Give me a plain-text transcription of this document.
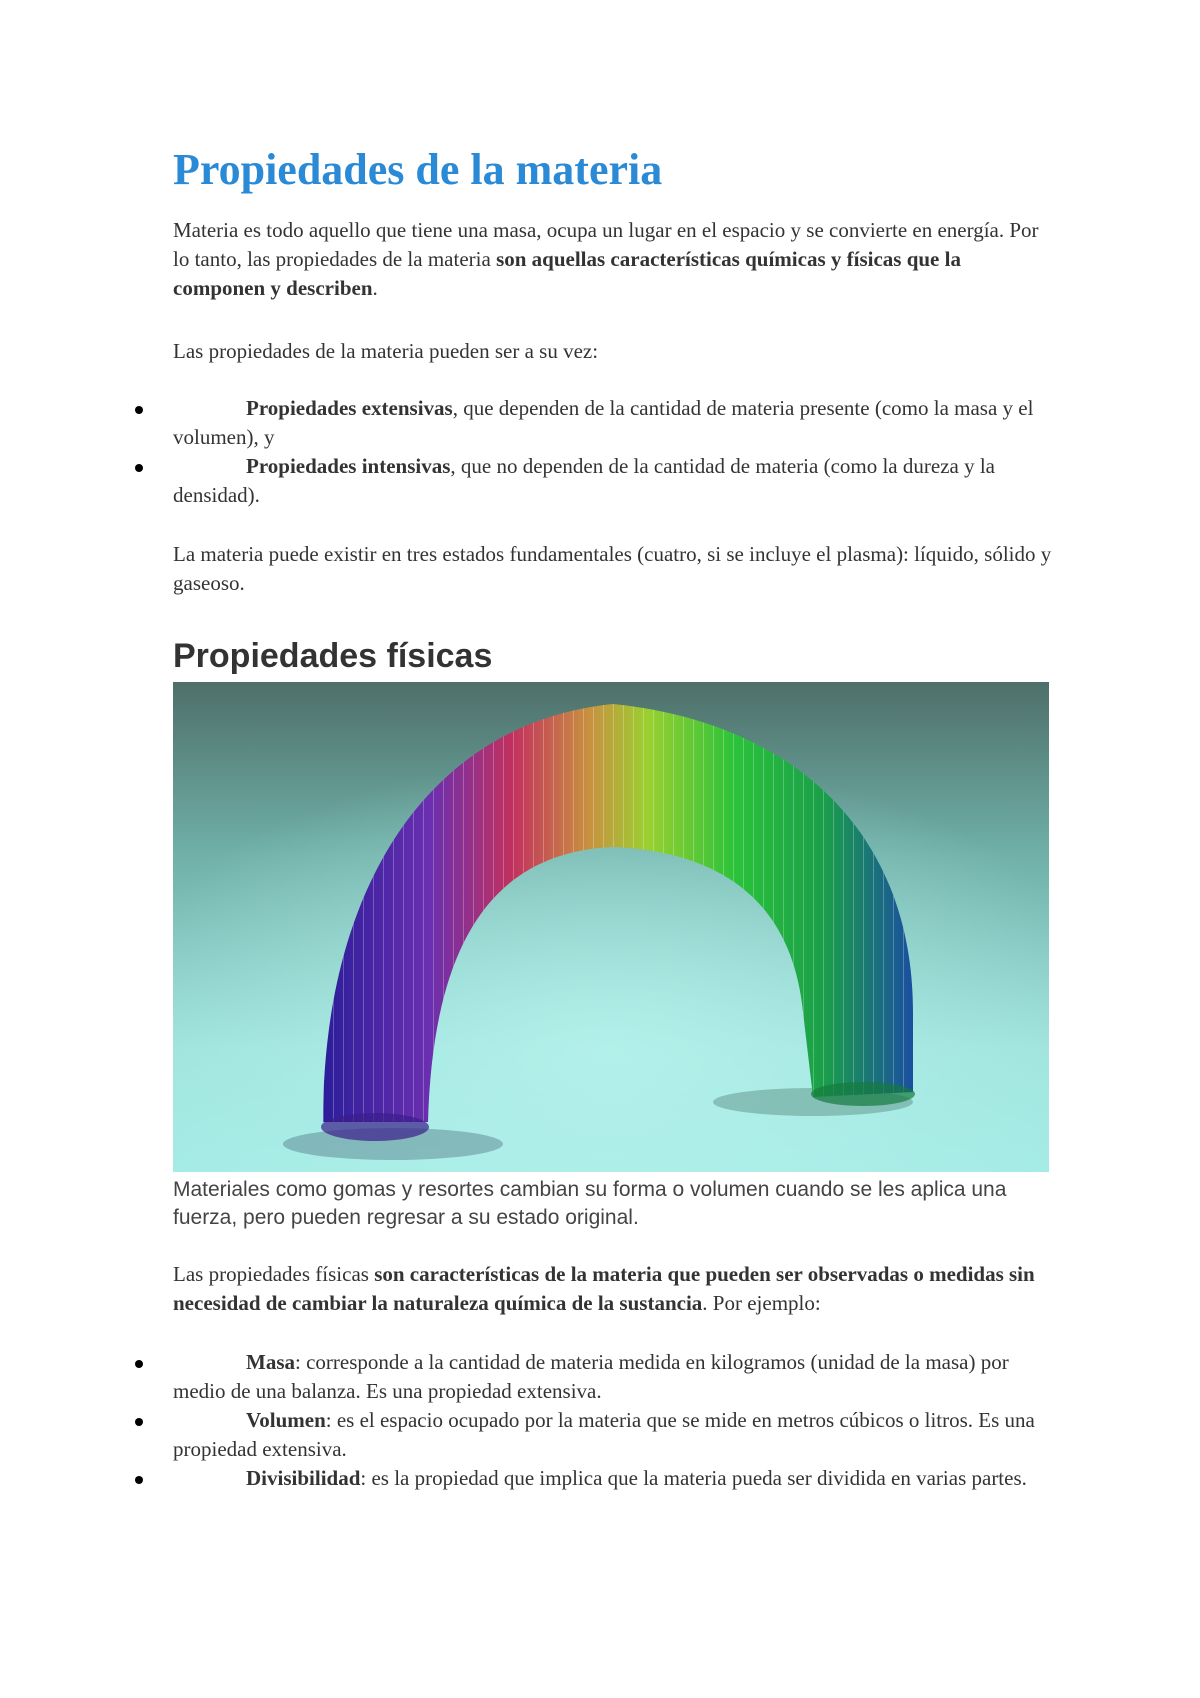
Propiedades de la materia

Materia es todo aquello que tiene una masa, ocupa un lugar en el espacio y se convierte en energía. Por lo tanto, las propiedades de la materia son aquellas características químicas y físicas que la componen y describen.

Las propiedades de la materia pueden ser a su vez:

Propiedades extensivas, que dependen de la cantidad de materia presente (como la masa y el volumen), y
Propiedades intensivas, que no dependen de la cantidad de materia (como la dureza y la densidad).

La materia puede existir en tres estados fundamentales (cuatro, si se incluye el plasma): líquido, sólido y gaseoso.

Propiedades físicas

Materiales como gomas y resortes cambian su forma o volumen cuando se les aplica una fuerza, pero pueden regresar a su estado original.

Las propiedades físicas son características de la materia que pueden ser observadas o medidas sin necesidad de cambiar la naturaleza química de la sustancia. Por ejemplo:

Masa: corresponde a la cantidad de materia medida en kilogramos (unidad de la masa) por medio de una balanza. Es una propiedad extensiva.
Volumen: es el espacio ocupado por la materia que se mide en metros cúbicos o litros. Es una propiedad extensiva.
Divisibilidad: es la propiedad que implica que la materia pueda ser dividida en varias partes.
